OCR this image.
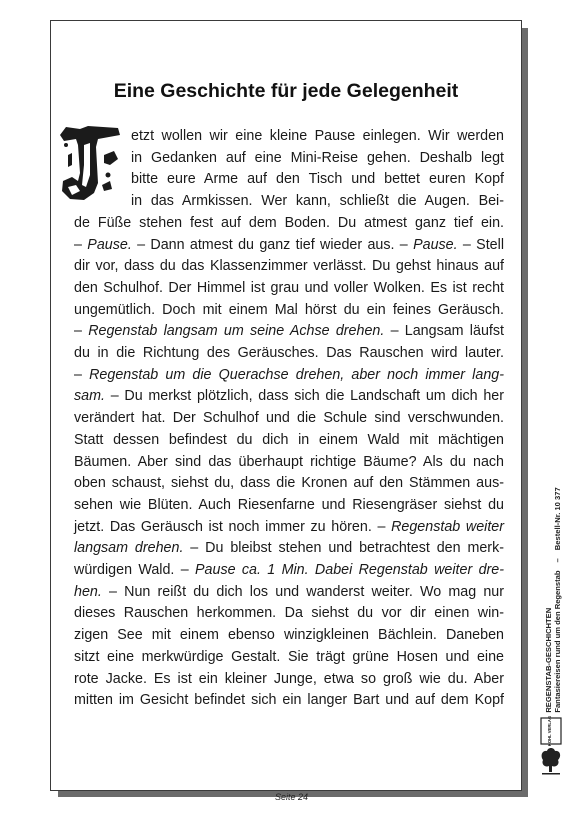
Eine Geschichte für jede Gelegenheit

etzt wollen wir eine kleine Pause einlegen. Wir werden

in Gedanken auf eine Mini-Reise gehen. Deshalb legt

bitte eure Arme auf den Tisch und bettet euren Kopf

in das Armkissen. Wer kann, schließt die Augen. Bei-

de Füße stehen fest auf dem Boden. Du atmest ganz tief ein.

– Pause. – Dann atmest du ganz tief wieder aus. – Pause. – Stell

dir vor, dass du das Klassenzimmer verlässt. Du gehst hinaus auf

den Schulhof. Der Himmel ist grau und voller Wolken. Es ist recht

ungemütlich. Doch mit einem Mal hörst du ein feines Geräusch.

– Regenstab langsam um seine Achse drehen. – Langsam läufst

du in die Richtung des Geräusches. Das Rauschen wird lauter.

– Regenstab um die Querachse drehen, aber noch immer lang-

sam. – Du merkst plötzlich, dass sich die Landschaft um dich her

verändert hat. Der Schulhof und die Schule sind verschwunden.

Statt dessen befindest du dich in einem Wald mit mächtigen

Bäumen. Aber sind das überhaupt richtige Bäume? Als du nach

oben schaust, siehst du, dass die Kronen auf den Stämmen aus-

sehen wie Blüten. Auch Riesenfarne und Riesengräser siehst du

jetzt. Das Geräusch ist noch immer zu hören. – Regenstab weiter

langsam drehen. – Du bleibst stehen und betrachtest den merk-

würdigen Wald. – Pause ca. 1 Min. Dabei Regenstab weiter dre-

hen. – Nun reißt du dich los und wanderst weiter. Wo mag nur

dieses Rauschen herkommen. Da siehst du vor dir einen win-

zigen See mit einem ebenso winzigkleinen Bächlein. Daneben

sitzt eine merkwürdige Gestalt. Sie trägt grüne Hosen und eine

rote Jacke. Es ist ein kleiner Junge, etwa so groß wie du. Aber

mitten im Gesicht befindet sich ein langer Bart und auf dem Kopf	REGENSTAB-GESCHICHTEN Fantasiereisen rund um den Regenstab–Bestell-Nr. 10 377
KOHL VERLAG
Seite 24
